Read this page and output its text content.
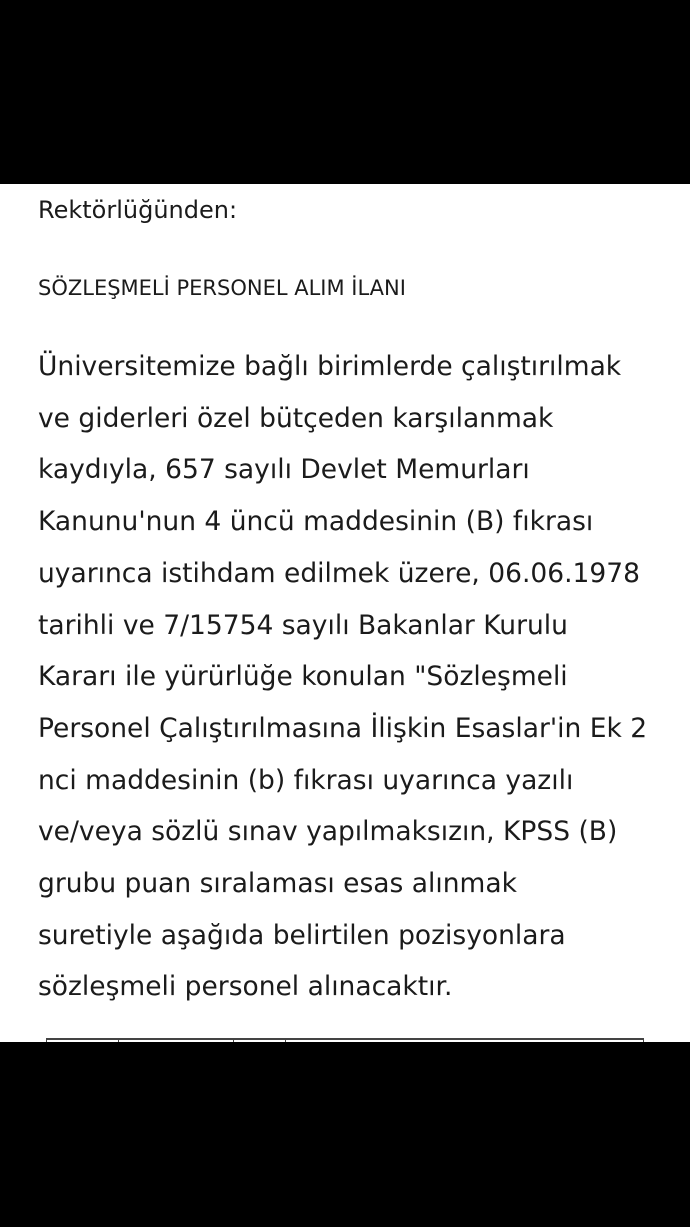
Rektörlüğünden:

SÖZLEŞMELİ PERSONEL ALIM İLANI

Üniversitemize bağlı birimlerde çalıştırılmak
ve giderleri özel bütçeden karşılanmak
kaydıyla, 657 sayılı Devlet Memurları
Kanunu'nun 4 üncü maddesinin (B) fıkrası
uyarınca istihdam edilmek üzere, 06.06.1978
tarihli ve 7/15754 sayılı Bakanlar Kurulu
Kararı ile yürürlüğe konulan "Sözleşmeli
Personel Çalıştırılmasına İlişkin Esaslar'in Ek 2
nci maddesinin (b) fıkrası uyarınca yazılı
ve/veya sözlü sınav yapılmaksızın, KPSS (B)
grubu puan sıralaması esas alınmak
suretiyle aşağıda belirtilen pozisyonlara
sözleşmeli personel alınacaktır.
